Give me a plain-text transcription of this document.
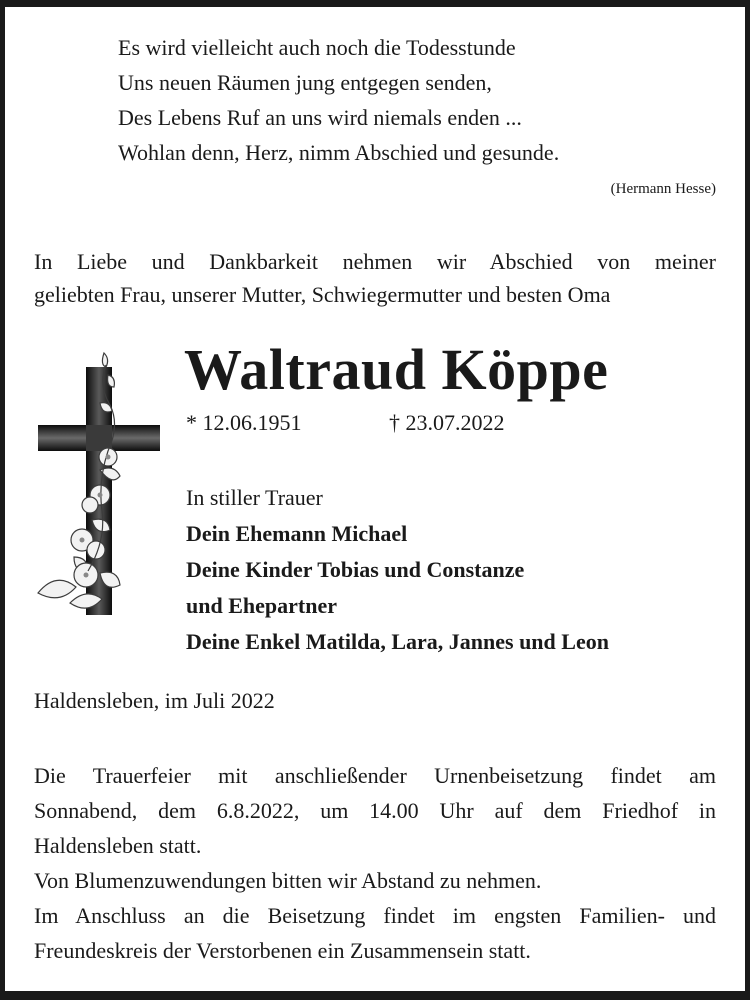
Es wird vielleicht auch noch die Todesstunde
Uns neuen Räumen jung entgegen senden,
Des Lebens Ruf an uns wird niemals enden ...
Wohlan denn, Herz, nimm Abschied und gesunde.
(Hermann Hesse)
In Liebe und Dankbarkeit nehmen wir Abschied von meiner
geliebten Frau, unserer Mutter, Schwiegermutter und besten Oma
Waltraud Köppe
* 12.06.1951	† 23.07.2022
In stiller Trauer
Dein Ehemann Michael
Deine Kinder Tobias und Constanze
und Ehepartner
Deine Enkel Matilda, Lara, Jannes und Leon
Haldensleben, im Juli 2022
Die Trauerfeier mit anschließender Urnenbeisetzung findet am
Sonnabend, dem 6.8.2022, um 14.00 Uhr auf dem Friedhof in
Haldensleben statt.
Von Blumenzuwendungen bitten wir Abstand zu nehmen.
Im Anschluss an die Beisetzung findet im engsten Familien- und
Freundeskreis der Verstorbenen ein Zusammensein statt.
